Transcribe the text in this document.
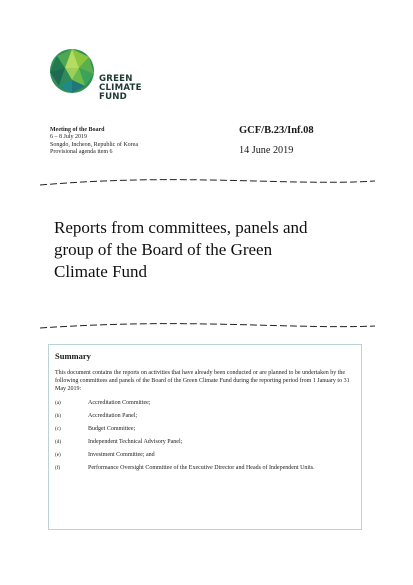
GREEN
CLIMATE
FUND
Meeting of the Board
6 – 8 July 2019
Songdo, Incheon, Republic of Korea
Provisional agenda item 6
GCF/B.23/Inf.08
14 June 2019
Reports from committees, panels and
group of the Board of the Green
Climate Fund
Summary
This document contains the reports on activities that have already been conducted or are planned to be undertaken by the following committees and panels of the Board of the Green Climate Fund during the reporting period from 1 January to 31 May 2019:
(a)	Accreditation Committee;
(b)	Accreditation Panel;
(c)	Budget Committee;
(d)	Independent Technical Advisory Panel;
(e)	Investment Committee; and
(f)	Performance Oversight Committee of the Executive Director and Heads of Independent Units.
